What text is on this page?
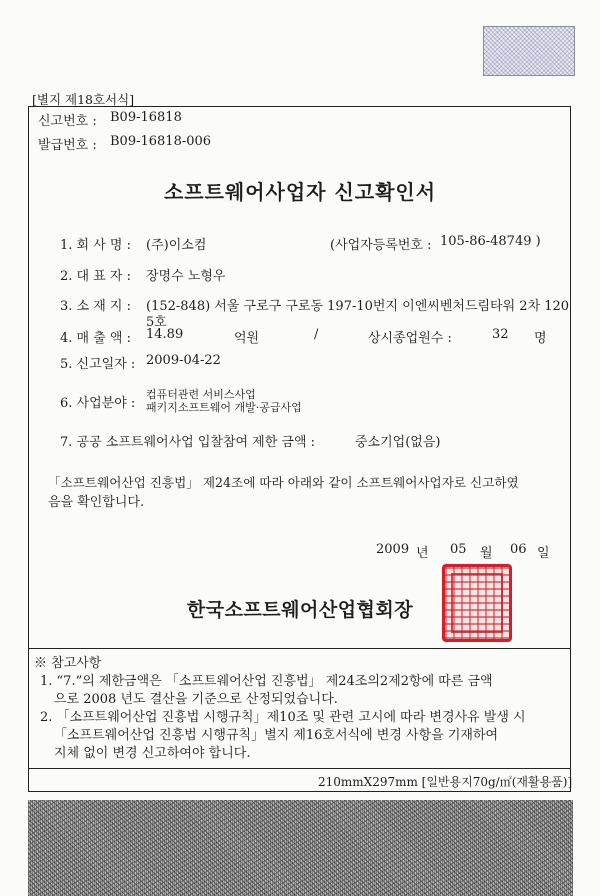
[별지 제18호서식]
신고번호 : B09-16818
발급번호 : B09-16818-006
소프트웨어사업자 신고확인서
1. 회 사 명 : (주)이소컴	(사업자등록번호 : 105-86-48749 )
2. 대 표 자 : 장명수 노형우
3. 소 재 지 : (152-848) 서울 구로구 구로동 197-10번지 이엔씨벤처드림타워 2차 120
5호
4. 매 출 액 : 14.89	억원	/	상시종업원수 :	32 명
5. 신고일자 : 2009-04-22
6. 사업분야 :
컴퓨터관련 서비스사업
패키지소프트웨어 개발·공급사업
7. 공공 소프트웨어사업 입찰참여 제한 금액 :	중소기업(없음)
「소프트웨어산업 진흥법」 제24조에 따라 아래와 같이 소프트웨어사업자로 신고하였
음을 확인합니다.
2009 년 05 월 06 일
한국소프트웨어산업협회장
※ 참고사항
1. “7.”의 제한금액은 「소프트웨어산업 진흥법」 제24조의2제2항에 따른 금액
으로 2008 년도 결산을 기준으로 산정되었습니다.
2. 「소프트웨어산업 진흥법 시행규칙」제10조 및 관련 고시에 따라 변경사유 발생 시
「소프트웨어산업 진흥법 시행규칙」별지 제16호서식에 변경 사항을 기재하여
지체 없이 변경 신고하여야 합니다.
210mmX297mm [일반용지70g/㎡(재활용품)]
